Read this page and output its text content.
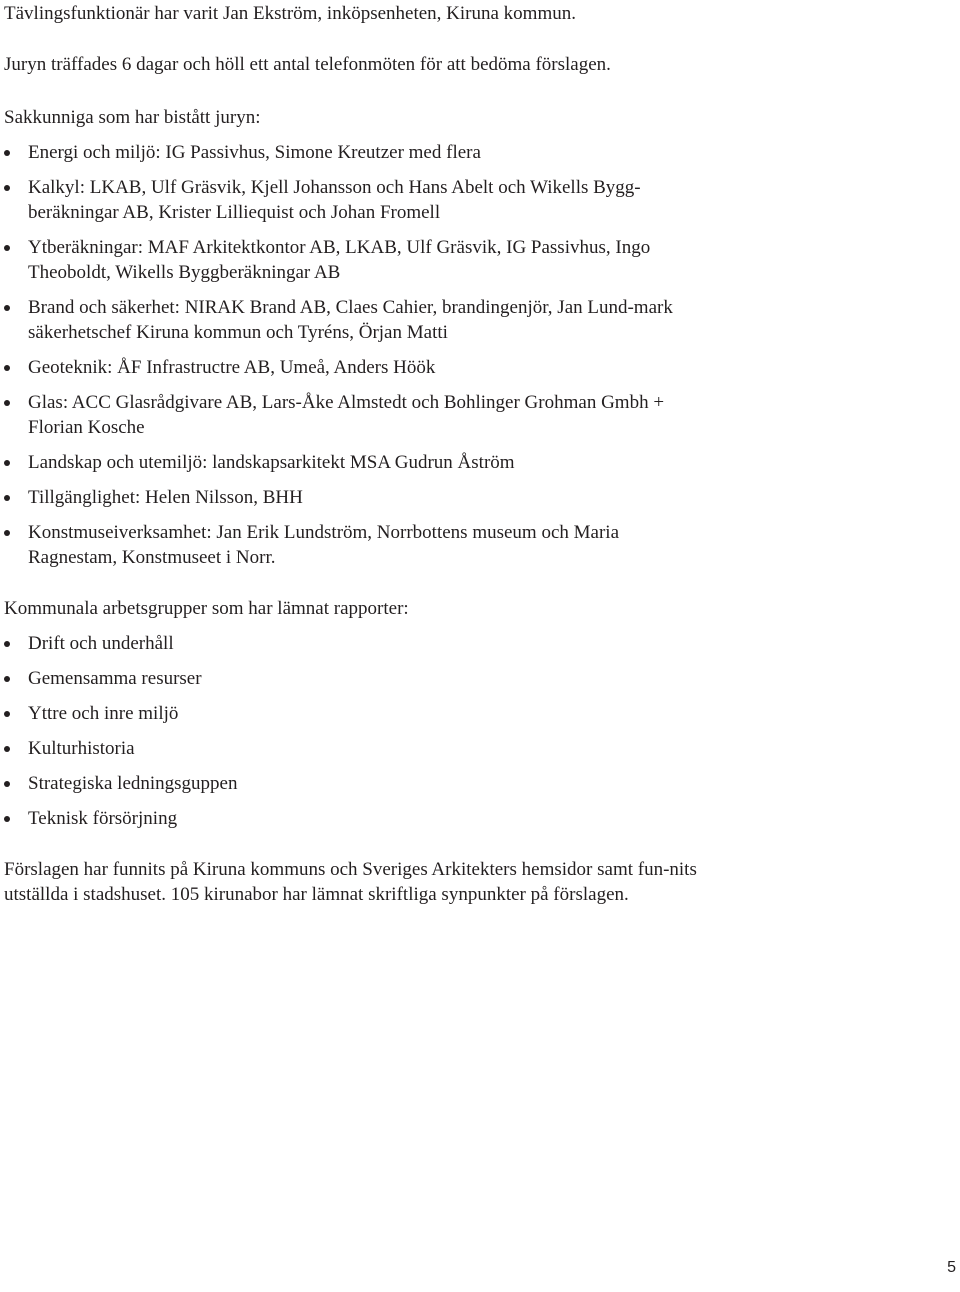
Tävlingsfunktionär har varit Jan Ekström, inköpsenheten, Kiruna kommun.

Juryn träffades 6 dagar och höll ett antal telefonmöten för att bedöma förslagen.

Sakkunniga som har bistått juryn:

Energi och miljö: IG Passivhus, Simone Kreutzer med flera
Kalkyl: LKAB, Ulf Gräsvik, Kjell Johansson och Hans Abelt och Wikells Bygg-beräkningar AB, Krister Lilliequist och Johan Fromell
Ytberäkningar: MAF Arkitektkontor AB, LKAB, Ulf Gräsvik, IG Passivhus, Ingo Theoboldt, Wikells Byggberäkningar AB
Brand och säkerhet: NIRAK Brand AB, Claes Cahier, brandingenjör, Jan Lund-mark säkerhetschef Kiruna kommun och Tyréns, Örjan Matti
Geoteknik: ÅF Infrastructre AB, Umeå, Anders Höök
Glas: ACC Glasrådgivare AB, Lars-Åke Almstedt och Bohlinger Grohman Gmbh + Florian Kosche
Landskap och utemiljö: landskapsarkitekt MSA Gudrun Åström
Tillgänglighet: Helen Nilsson, BHH
Konstmuseiverksamhet: Jan Erik Lundström, Norrbottens museum och Maria Ragnestam, Konstmuseet i Norr.

Kommunala arbetsgrupper som har lämnat rapporter:

Drift och underhåll
Gemensamma resurser
Yttre och inre miljö
Kulturhistoria
Strategiska ledningsguppen
Teknisk försörjning

Förslagen har funnits på Kiruna kommuns och Sveriges Arkitekters hemsidor samt fun-nits utställda i stadshuset. 105 kirunabor har lämnat skriftliga synpunkter på förslagen.

5
